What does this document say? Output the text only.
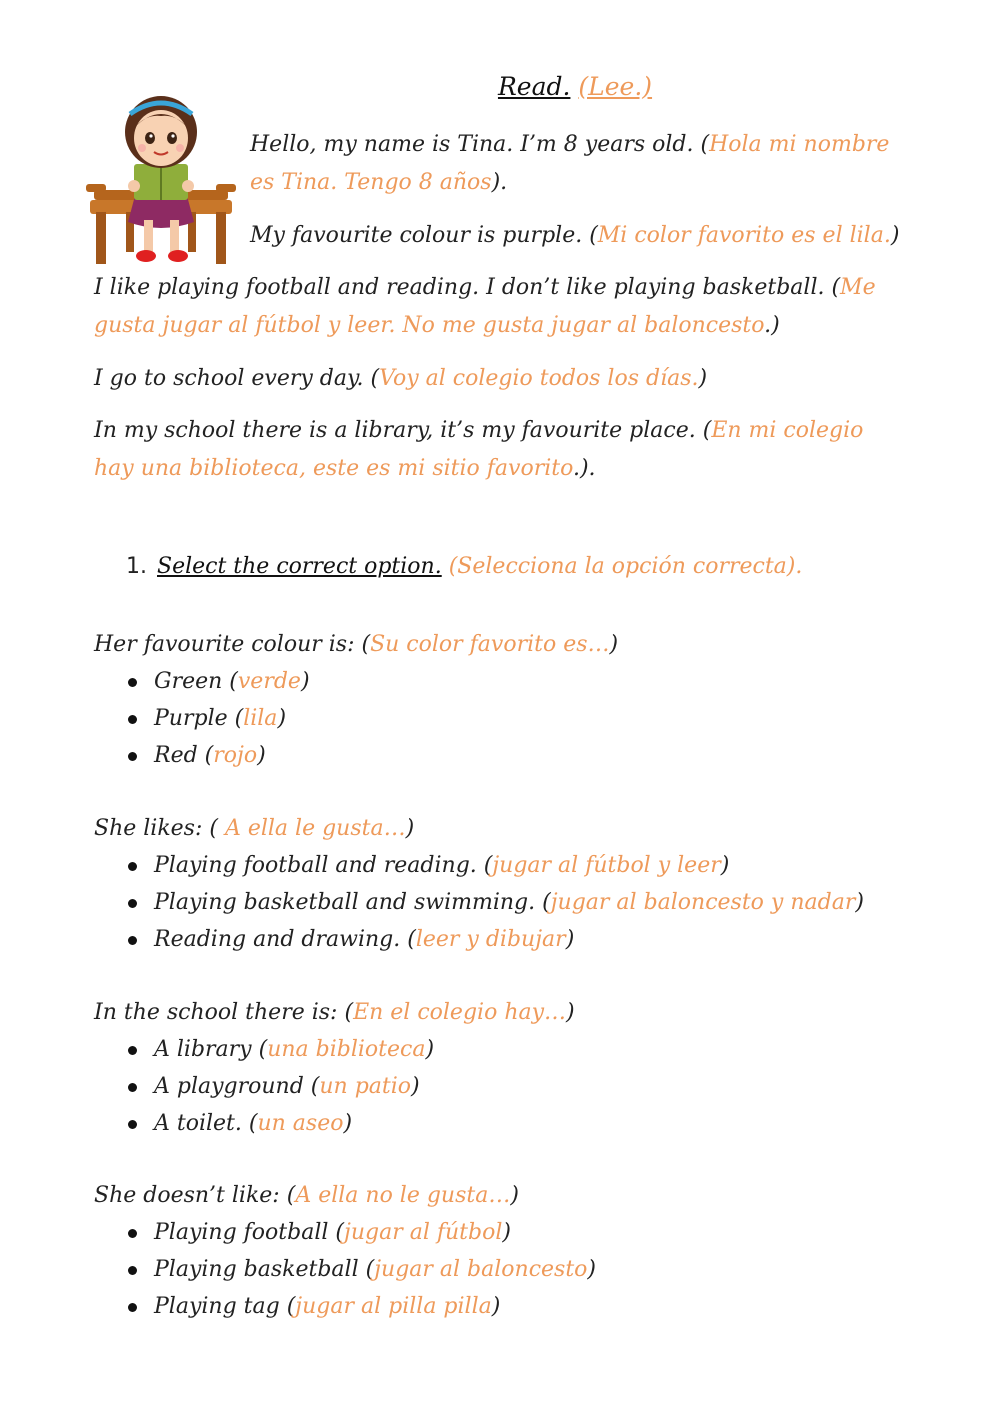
Read. (Lee.)

Hello, my name is Tina. I’m 8 years old. (Hola mi nombre es Tina. Tengo 8 años).

My favourite colour is purple. (Mi color favorito es el lila.)

I like playing football and reading. I don’t like playing basketball. (Me gusta jugar al fútbol y leer. No me gusta jugar al baloncesto.)

I go to school every day. (Voy al colegio todos los días.)

In my school there is a library, it’s my favourite place. (En mi colegio hay una biblioteca, este es mi sitio favorito.).

1. Select the correct option. (Selecciona la opción correcta).

Her favourite colour is: (Su color favorito es…)

Green (verde)
Purple (lila)
Red (rojo)

She likes: ( A ella le gusta…)

Playing football and reading. (jugar al fútbol y leer)
Playing basketball and swimming. (jugar al baloncesto y nadar)
Reading and drawing. (leer y dibujar)

In the school there is: (En el colegio hay…)

A library (una biblioteca)
A playground (un patio)
A toilet. (un aseo)

She doesn’t like: (A ella no le gusta…)

Playing football (jugar al fútbol)
Playing basketball (jugar al baloncesto)
Playing tag (jugar al pilla pilla)
